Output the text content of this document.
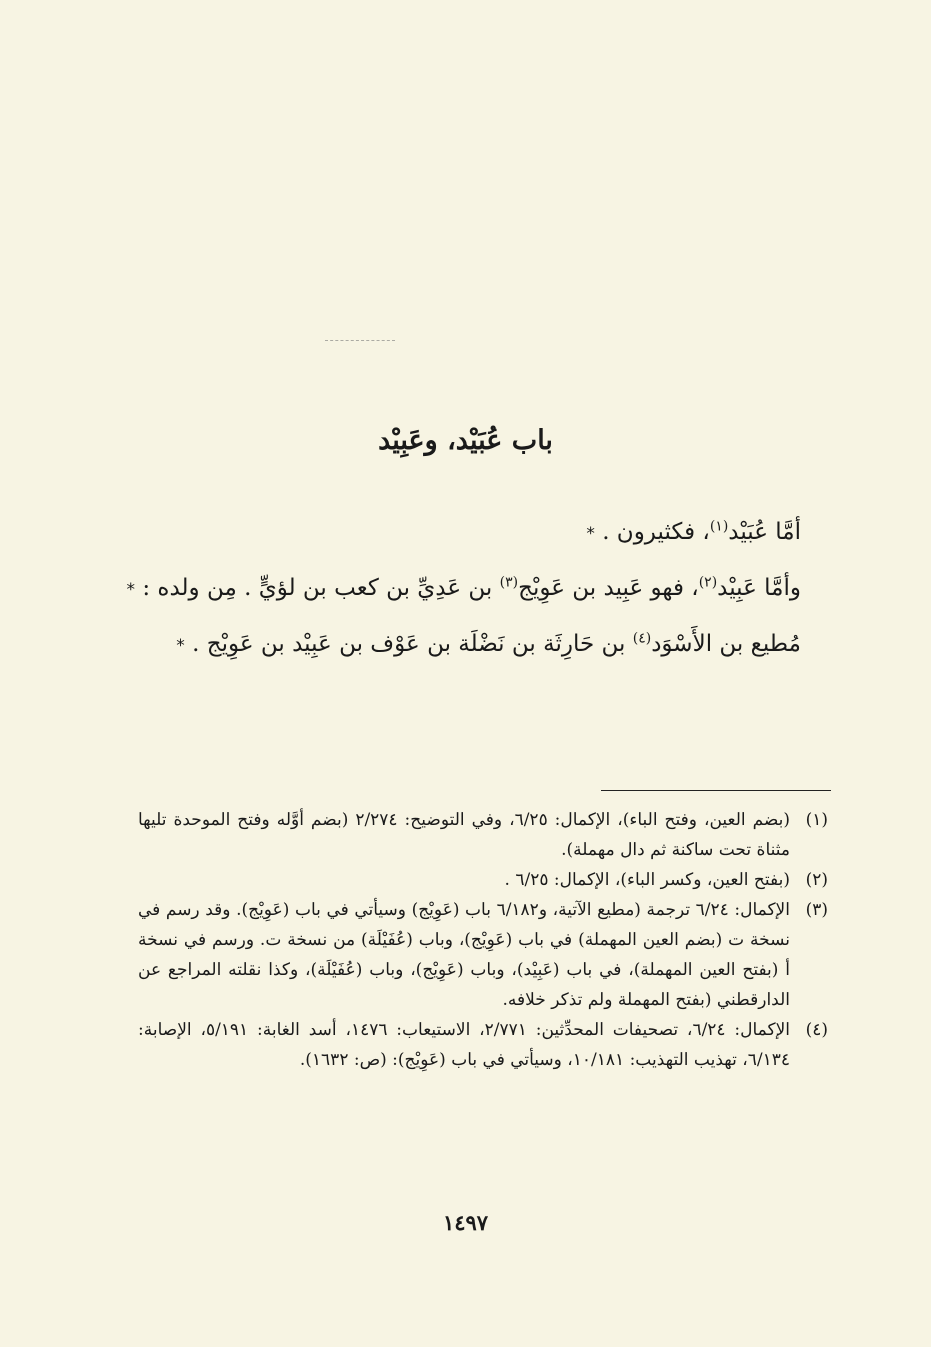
باب عُبَيْد، وعَبِيْد

أمَّا عُبَيْد$^{(١)}$، فكثيرون . *

وأمَّا عَبِيْد$^{(٢)}$، فهو عَبِيد بن عَوِيْج$^{(٣)}$ بن عَدِيِّ بن كعب بن لؤيٍّ . مِن ولده : *

مُطيع بن الأَسْوَد$^{(٤)}$ بن حَارِثَة بن نَضْلَة بن عَوْف بن عَبِيْد بن عَوِيْج . *

(١)
(بضم العين، وفتح الباء)، الإكمال: ٦/٢٥، وفي التوضيح: ٢/٢٧٤ (بضم أوَّله وفتح الموحدة تليها مثناة تحت ساكنة ثم دال مهملة).
(٢)
(بفتح العين، وكسر الباء)، الإكمال: ٦/٢٥ .
(٣)
الإكمال: ٦/٢٤ ترجمة (مطيع الآتية، و٦/١٨٢ باب (عَوِيْج) وسيأتي في باب (عَوِيْج). وقد رسم في نسخة ت (بضم العين المهملة) في باب (عَوِيْج)، وباب (عُفَيْلَة) من نسخة ت. ورسم في نسخة أ (بفتح العين المهملة)، في باب (عَبِيْد)، وباب (عَوِيْج)، وباب (عُفَيْلَة)، وكذا نقلته المراجع عن الدارقطني (بفتح المهملة ولم تذكر خلافه.
(٤)
الإكمال: ٦/٢٤، تصحيفات المحدِّثين: ٢/٧٧١، الاستيعاب: ١٤٧٦، أسد الغابة: ٥/١٩١، الإصابة: ٦/١٣٤، تهذيب التهذيب: ١٠/١٨١، وسيأتي في باب (عَوِيْج): (ص: ١٦٣٢).
١٤٩٧
